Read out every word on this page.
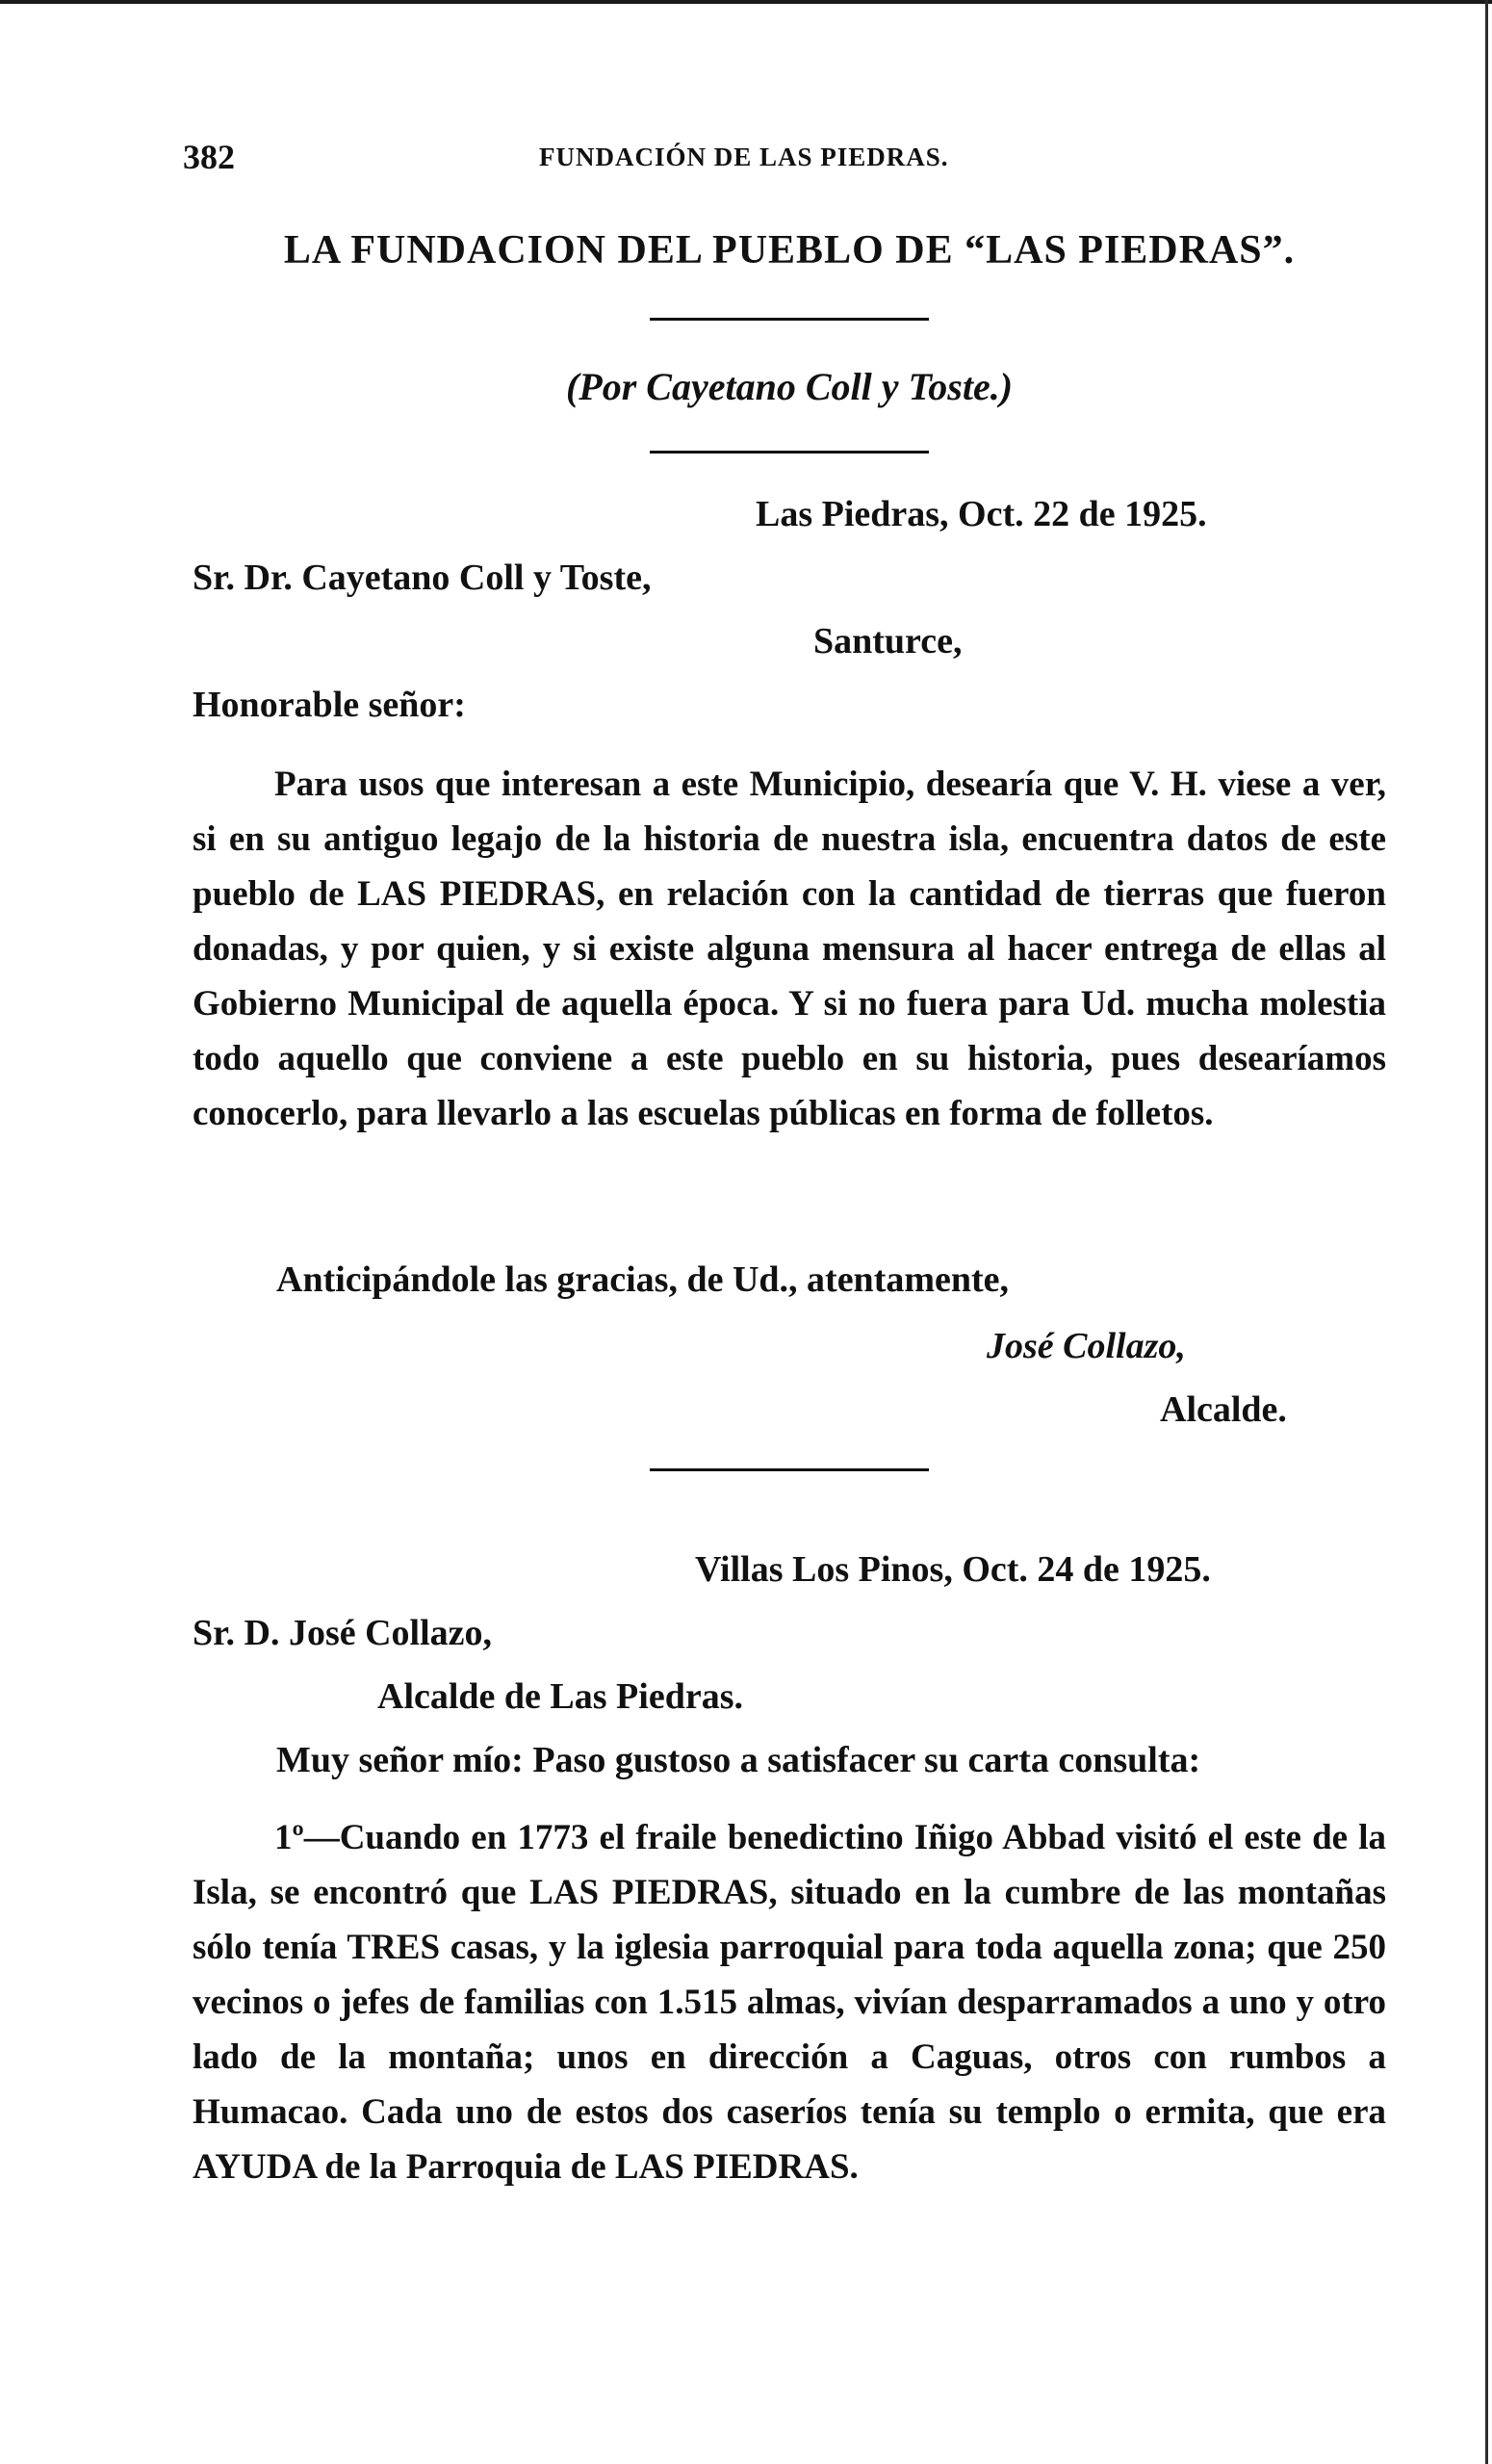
382	FUNDACIÓN DE LAS PIEDRAS.
LA FUNDACION DEL PUEBLO DE “LAS PIEDRAS”.
(Por Cayetano Coll y Toste.)
Las Piedras, Oct. 22 de 1925.
Sr. Dr. Cayetano Coll y Toste,
Santurce,
Honorable señor:

Para usos que interesan a este Municipio, desearía que V. H. viese a ver, si en su antiguo legajo de la historia de nuestra isla, encuentra datos de este pueblo de LAS PIEDRAS, en relación con la cantidad de tierras que fueron donadas, y por quien, y si existe alguna mensura al hacer entrega de ellas al Gobierno Municipal de aquella época. Y si no fuera para Ud. mucha molestia todo aquello que conviene a este pueblo en su historia, pues desearíamos conocerlo, para llevarlo a las escuelas públicas en forma de folletos.

Anticipándole las gracias, de Ud., atentamente,
José Collazo,
Alcalde.
Villas Los Pinos, Oct. 24 de 1925.
Sr. D. José Collazo,
Alcalde de Las Piedras.
Muy señor mío: Paso gustoso a satisfacer su carta consulta:

1º—Cuando en 1773 el fraile benedictino Iñigo Abbad visitó el este de la Isla, se encontró que LAS PIEDRAS, situado en la cumbre de las montañas sólo tenía TRES casas, y la iglesia parroquial para toda aquella zona; que 250 vecinos o jefes de familias con 1.515 almas, vivían desparramados a uno y otro lado de la montaña; unos en dirección a Caguas, otros con rumbos a Humacao. Cada uno de estos dos caseríos tenía su templo o ermita, que era AYUDA de la Parroquia de LAS PIEDRAS.
